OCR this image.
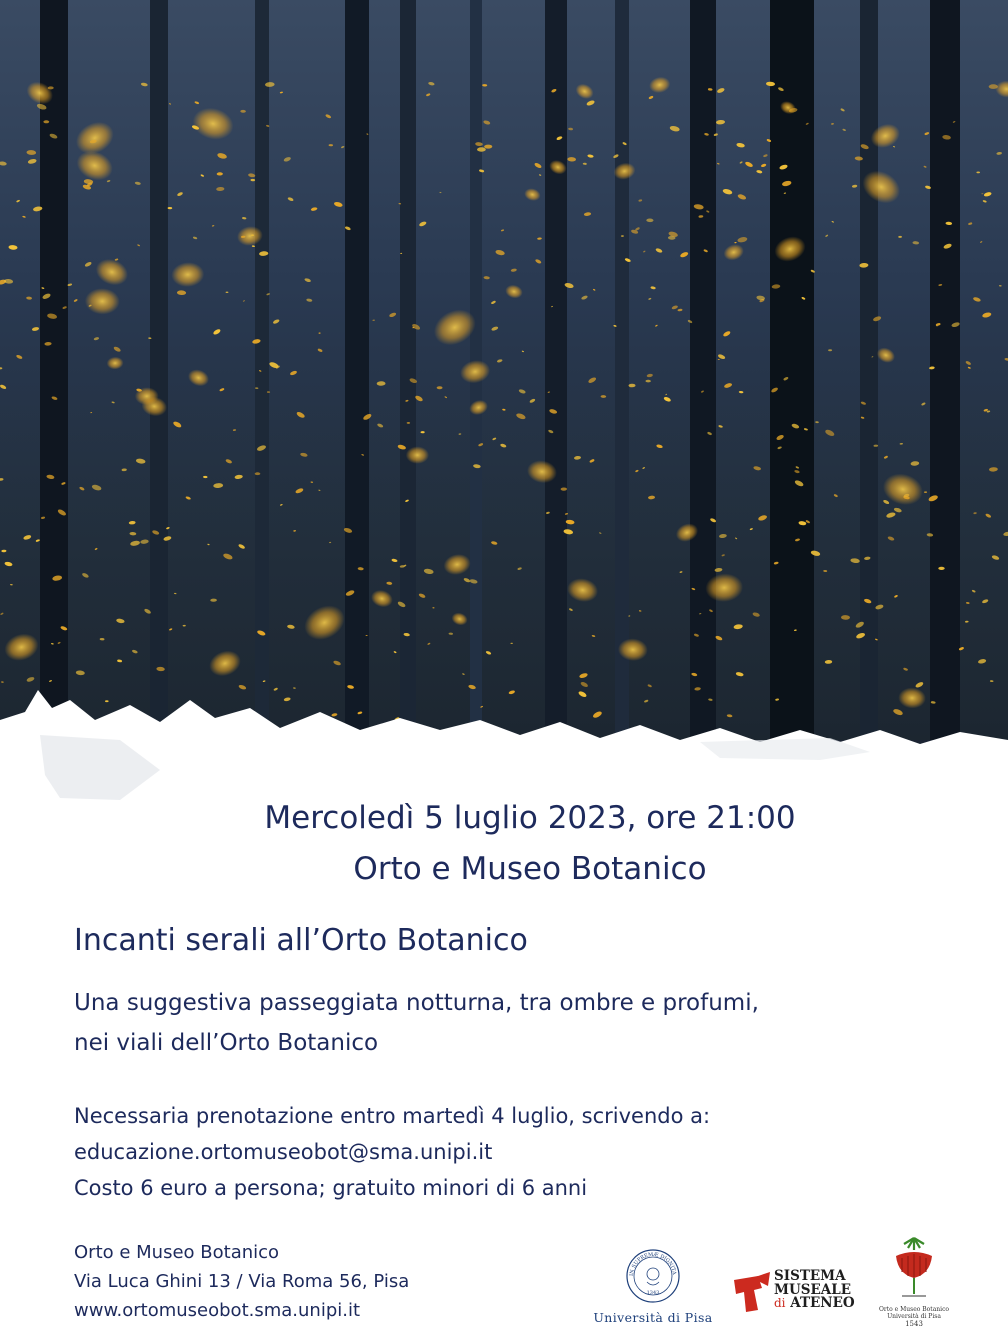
Mercoledì 5 luglio 2023, ore 21:00
Orto e Museo Botanico
Incanti serali all’Orto Botanico
Una suggestiva passeggiata notturna, tra ombre e profumi,
nei viali dell’Orto Botanico
Necessaria prenotazione entro martedì 4 luglio, scrivendo a:
educazione.ortomuseobot@sma.unipi.it
Costo 6 euro a persona; gratuito minori di 6 anni
Orto e Museo Botanico
Via Luca Ghini 13 / Via Roma 56, Pisa
www.ortomuseobot.sma.unipi.it
IN SUPREMÆ DIGNITA
1343
Università di Pisa
SISTEMA
MUSEALE
di ATENEO	Orto e Museo Botanico
Università di Pisa
1543
